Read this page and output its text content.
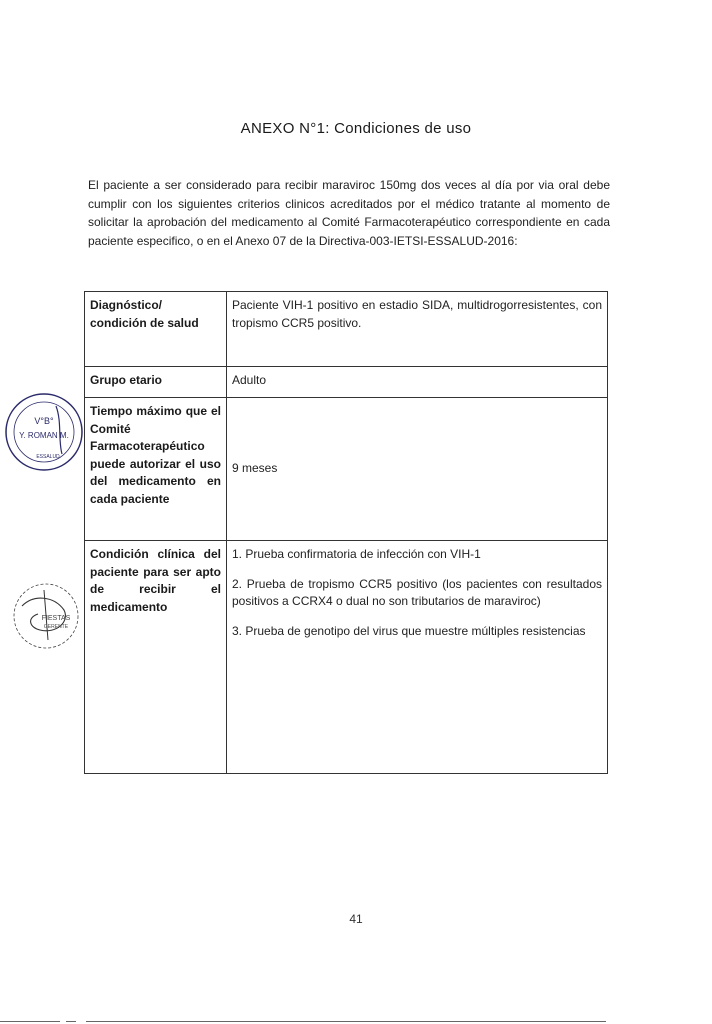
ANEXO N°1: Condiciones de uso
El paciente a ser considerado para recibir maraviroc 150mg dos veces al día por via oral debe cumplir con los siguientes criterios clinicos acreditados por el médico tratante al momento de solicitar la aprobación del medicamento al Comité Farmacoterapéutico correspondiente en cada paciente especifico, o en el Anexo 07 de la Directiva-003-IETSI-ESSALUD-2016:
Diagnóstico/ condición de salud	Paciente VIH-1 positivo en estadio SIDA, multidrogorresistentes, con tropismo CCR5 positivo.
Grupo etario	Adulto
Tiempo máximo que el Comité Farmacoterapéutico puede autorizar el uso del medicamento en cada paciente	9 meses
Condición clínica del paciente para ser apto de recibir el medicamento	1. Prueba confirmatoria de infección con VIH-1

2. Prueba de tropismo CCR5 positivo (los pacientes con resultados positivos a CCRX4 o dual no son tributarios de maraviroc)

3. Prueba de genotipo del virus que muestre múltiples resistencias

V°B°
Y. ROMAN M.
ESSALUD
FIESTAS
GERENTE
41
